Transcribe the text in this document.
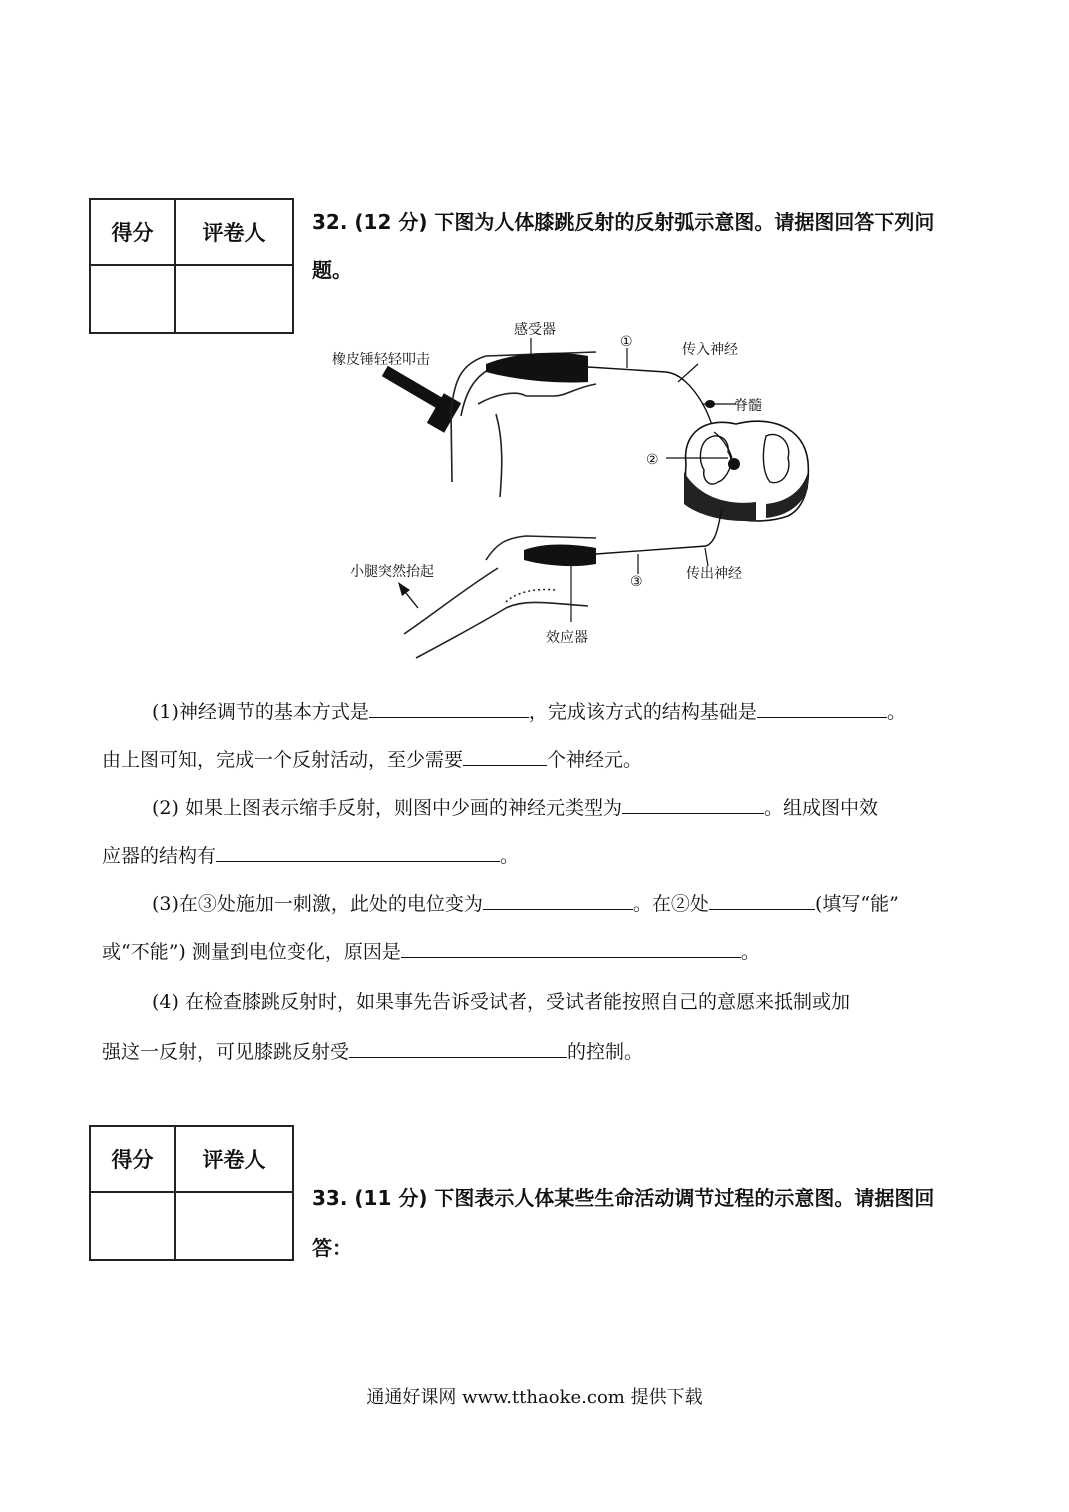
得分	评卷人
	32. (12 分) 下图为人体膝跳反射的反射弧示意图。请据图回答下列问
题。
感受器
橡皮锤轻轻叩击
①	传入神经
脊髓
②
小腿突然抬起
③	传出神经
效应器
(1)神经调节的基本方式是	，完成该方式的结构基础是	。
由上图可知，完成一个反射活动，至少需要	个神经元。
(2) 如果上图表示缩手反射，则图中少画的神经元类型为	。组成图中效
应器的结构有	。
(3)在③处施加一刺激，此处的电位变为	。在②处	(填写“能”
或“不能”) 测量到电位变化，原因是	。
(4) 在检查膝跳反射时，如果事先告诉受试者，受试者能按照自己的意愿来抵制或加
强这一反射，可见膝跳反射受	的控制。
得分	评卷人

33. (11 分) 下图表示人体某些生命活动调节过程的示意图。请据图回
答：
通通好课网 www.tthaoke.com 提供下载
